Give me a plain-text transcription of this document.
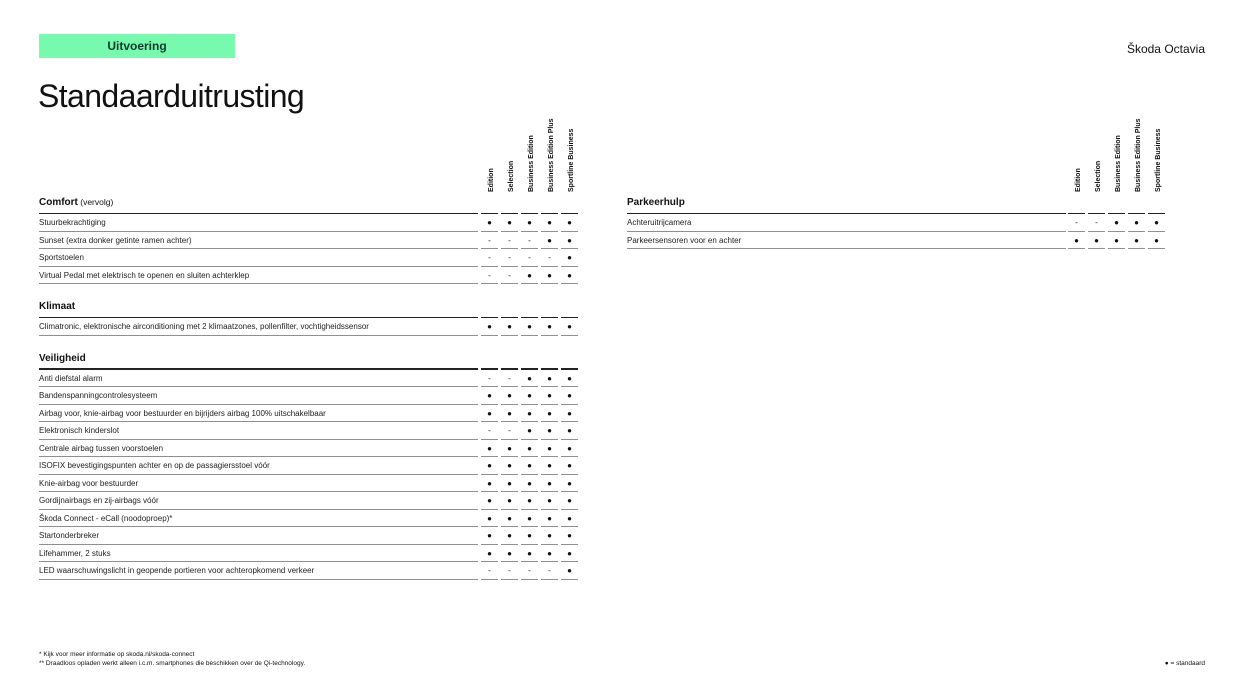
Uitvoering	Škoda Octavia
Standaarduitrusting
Edition Selection Business Edition Business Edition Plus Sportline Business	Edition Selection Business Edition Business Edition Plus Sportline Business
Comfort (vervolg)
Stuurbekrachtiging	●	●	●	●	●
Sunset (extra donker getinte ramen achter)	-	-	-	●	●
Sportstoelen	-	-	-	-	●
Virtual Pedal met elektrisch te openen en sluiten achterklep	-	-	●	●	●
Klimaat
Climatronic, elektronische airconditioning met 2 klimaatzones, pollenfilter, vochtigheidssensor	●	●	●	●	●
Veiligheid
Anti diefstal alarm	-	-	●	●	●
Bandenspanningcontrolesysteem	●	●	●	●	●
Airbag voor, knie-airbag voor bestuurder en bijrijders airbag 100% uitschakelbaar	●	●	●	●	●
Elektronisch kinderslot	-	-	●	●	●
Centrale airbag tussen voorstoelen	●	●	●	●	●
ISOFIX bevestigingspunten achter en op de passagiersstoel vóór	●	●	●	●	●
Knie-airbag voor bestuurder	●	●	●	●	●
Gordijnairbags en zij-airbags vóór	●	●	●	●	●
Škoda Connect - eCall (noodoproep)*	●	●	●	●	●
Startonderbreker	●	●	●	●	●
Lifehammer, 2 stuks	●	●	●	●	●
LED waarschuwingslicht in geopende portieren voor achteropkomend verkeer	-	-	-	-	●
Parkeerhulp
Achteruitrijcamera	-	-	●	●	●
Parkeersensoren voor en achter	●	●	●	●	●
* Kijk voor meer informatie op skoda.nl/skoda-connect
** Draadloos opladen werkt alleen i.c.m. smartphones die beschikken over de Qi-technology.	● = standaard
